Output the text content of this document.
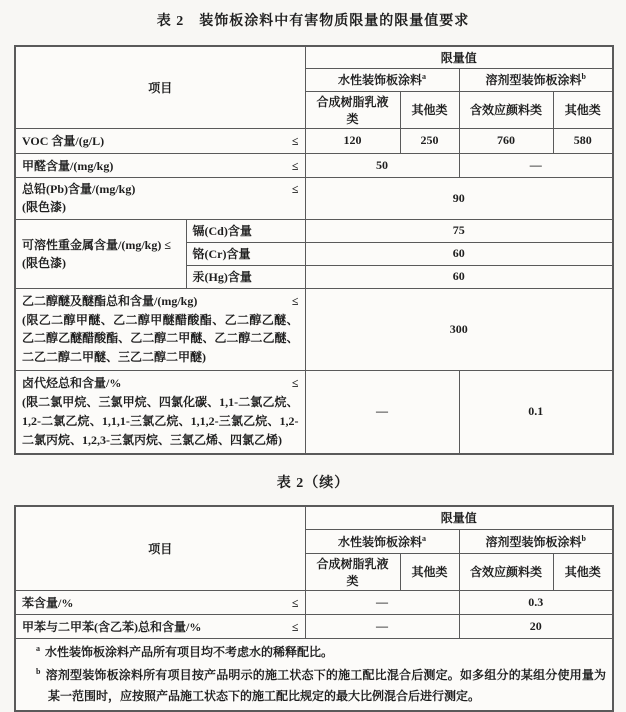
表 2　装饰板涂料中有害物质限量的限量值要求
项目		限量值			
		水性装饰板涂料$^a$		溶剂型装饰板涂料$^b$
		合成树脂乳液类	其他类	含效应颜料类	其他类

VOC 含量/(g/L) ≤		120	250	760	580

甲醛含量/(mg/kg) ≤		50		—	

总铅(Pb)含量/(mg/kg) ≤
(限色漆)		90			

可溶性重金属含量/(mg/kg) ≤
(限色漆)	镉(Cd)含量	75			
	铬(Cr)含量	60			
	汞(Hg)含量	60			

乙二醇醚及醚酯总和含量/(mg/kg) ≤
(限乙二醇甲醚、乙二醇甲醚醋酸酯、乙二醇乙醚、乙二醇乙醚醋酸酯、乙二醇二甲醚、乙二醇二乙醚、二乙二醇二甲醚、三乙二醇二甲醚)		300			

卤代烃总和含量/% ≤
(限二氯甲烷、三氯甲烷、四氯化碳、1,1-二氯乙烷、1,2-二氯乙烷、1,1,1-三氯乙烷、1,1,2-三氯乙烷、1,2-二氯丙烷、1,2,3-三氯丙烷、三氯乙烯、四氯乙烯)		—		0.1	
表 2（续）
项目	限量值			
	水性装饰板涂料$^a$		溶剂型装饰板涂料$^b$
	合成树脂乳液类	其他类	含效应颜料类	其他类

苯含量/% ≤	—		0.3	

甲苯与二甲苯(含乙苯)总和含量/% ≤	—		20	

$^a$ 水性装饰板涂料产品所有项目均不考虑水的稀释配比。

$^b$ 溶剂型装饰板涂料所有项目按产品明示的施工状态下的施工配比混合后测定。如多组分的某组分使用量为某一范围时，应按照产品施工状态下的施工配比规定的最大比例混合后进行测定。				
